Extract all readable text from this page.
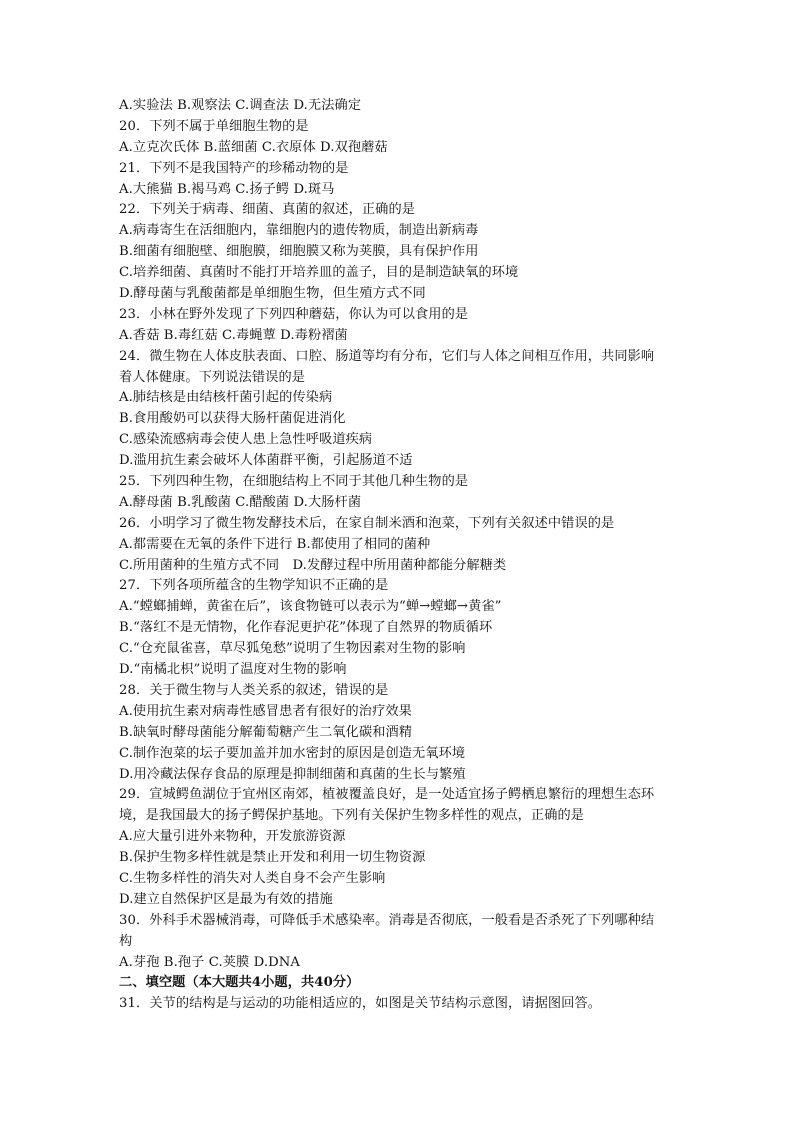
A.实验法 B.观察法 C.调查法 D.无法确定
20．下列不属于单细胞生物的是
A.立克次氏体 B.蓝细菌 C.衣原体 D.双孢蘑菇
21．下列不是我国特产的珍稀动物的是
A.大熊猫 B.褐马鸡 C.扬子鳄 D.斑马
22．下列关于病毒、细菌、真菌的叙述，正确的是
A.病毒寄生在活细胞内，靠细胞内的遗传物质，制造出新病毒
B.细菌有细胞壁、细胞膜，细胞膜又称为荚膜，具有保护作用
C.培养细菌、真菌时不能打开培养皿的盖子，目的是制造缺氧的环境
D.酵母菌与乳酸菌都是单细胞生物，但生殖方式不同
23．小林在野外发现了下列四种蘑菇，你认为可以食用的是
A.香菇 B.毒红菇 C.毒蝇蕈 D.毒粉褶菌
24．微生物在人体皮肤表面、口腔、肠道等均有分布，它们与人体之间相互作用，共同影响
着人体健康。下列说法错误的是
A.肺结核是由结核杆菌引起的传染病
B.食用酸奶可以获得大肠杆菌促进消化
C.感染流感病毒会使人患上急性呼吸道疾病
D.滥用抗生素会破坏人体菌群平衡，引起肠道不适
25．下列四种生物，在细胞结构上不同于其他几种生物的是
A.酵母菌 B.乳酸菌 C.醋酸菌 D.大肠杆菌
26．小明学习了微生物发酵技术后，在家自制米酒和泡菜，下列有关叙述中错误的是
A.都需要在无氧的条件下进行 B.都使用了相同的菌种
C.所用菌种的生殖方式不同　D.发酵过程中所用菌种都能分解糖类
27．下列各项所蕴含的生物学知识不正确的是
A.“螳螂捕蝉，黄雀在后”，该食物链可以表示为“蝉→螳螂→黄雀”
B.“落红不是无情物，化作春泥更护花”体现了自然界的物质循环
C.“仓充鼠雀喜，草尽狐兔愁”说明了生物因素对生物的影响
D.“南橘北枳”说明了温度对生物的影响
28．关于微生物与人类关系的叙述，错误的是
A.使用抗生素对病毒性感冒患者有很好的治疗效果
B.缺氧时酵母菌能分解葡萄糖产生二氧化碳和酒精
C.制作泡菜的坛子要加盖并加水密封的原因是创造无氧环境
D.用冷藏法保存食品的原理是抑制细菌和真菌的生长与繁殖
29．宣城鳄鱼湖位于宜州区南郊，植被覆盖良好，是一处适宜扬子鳄栖息繁衍的理想生态环
境，是我国最大的扬子鳄保护基地。下列有关保护生物多样性的观点，正确的是
A.应大量引进外来物种，开发旅游资源
B.保护生物多样性就是禁止开发和利用一切生物资源
C.生物多样性的消失对人类自身不会产生影响
D.建立自然保护区是最为有效的措施
30．外科手术器械消毒，可降低手术感染率。消毒是否彻底，一般看是否杀死了下列哪种结
构
A.芽孢 B.孢子 C.荚膜 D.DNA
二、填空题（本大题共4小题，共40分）
31．关节的结构是与运动的功能相适应的，如图是关节结构示意图，请据图回答。
